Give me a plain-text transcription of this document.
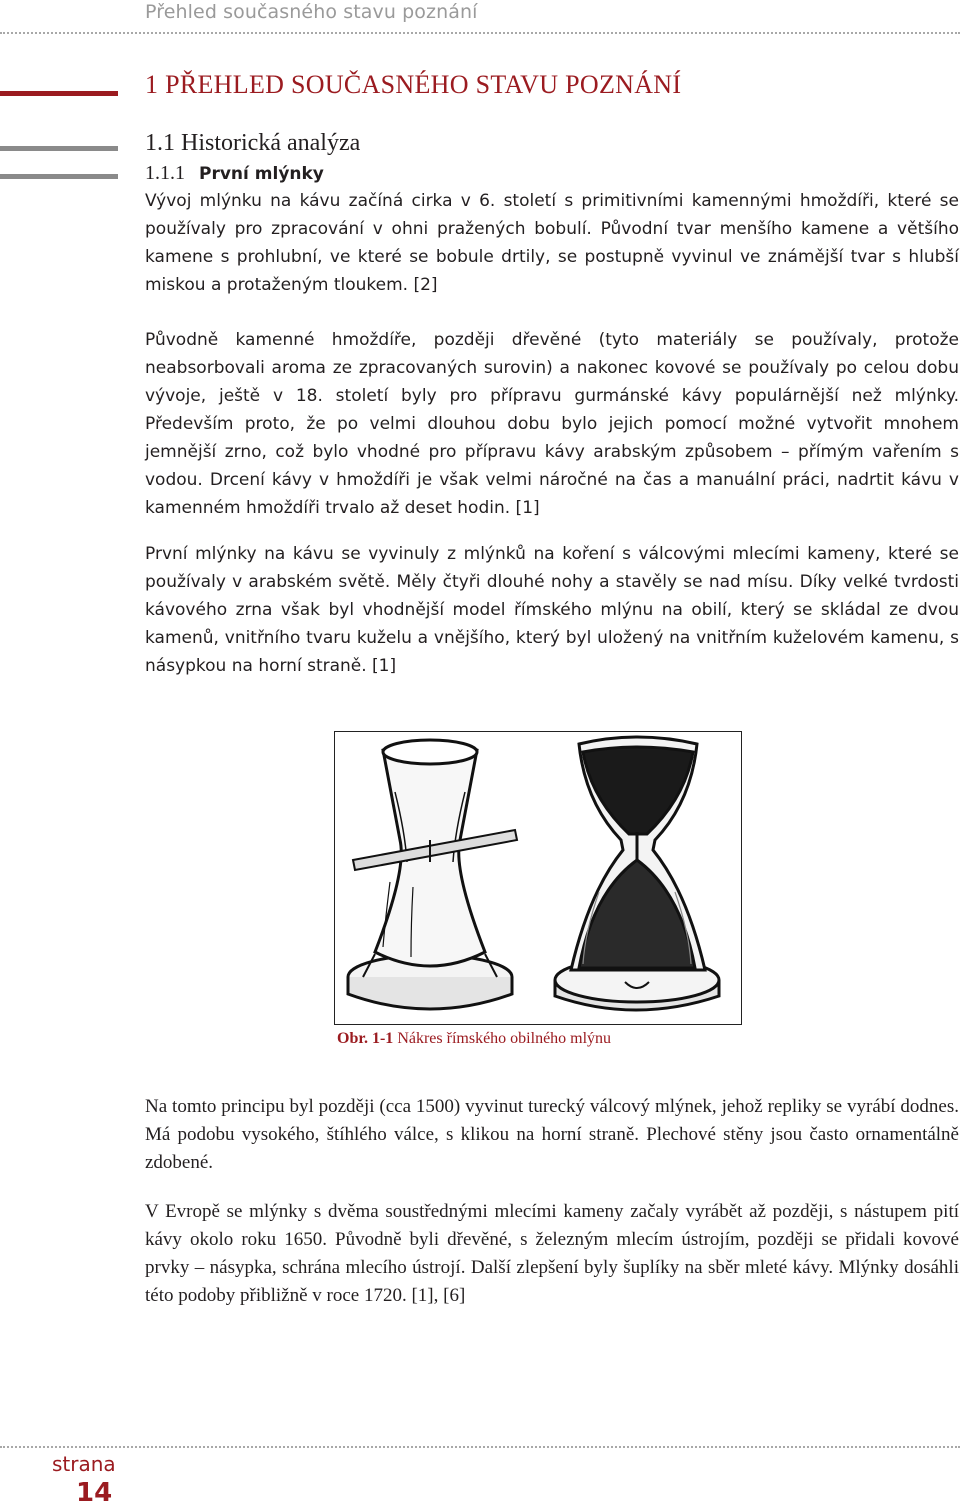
Přehled současného stavu poznání
1 PŘEHLED SOUČASNÉHO STAVU POZNÁNÍ
1.1 Historická analýza
1.1.1 První mlýnky

Vývoj mlýnku na kávu začíná cirka v 6. století s primitivními kamennými hmoždíři, které se používaly pro zpracování v ohni pražených bobulí. Původní tvar menšího kamene a většího kamene s prohlubní, ve které se bobule drtily, se postupně vyvinul ve známější tvar s hlubší miskou a protaženým tloukem. [2]

Původně kamenné hmoždíře, později dřevěné (tyto materiály se používaly, protože neabsorbovali aroma ze zpracovaných surovin) a nakonec kovové se používaly po celou dobu vývoje, ještě v 18. století byly pro přípravu gurmánské kávy populárnější než mlýnky. Především proto, že po velmi dlouhou dobu bylo jejich pomocí možné vytvořit mnohem jemnější zrno, což bylo vhodné pro přípravu kávy arabským způsobem – přímým vařením s vodou. Drcení kávy v hmoždíři je však velmi náročné na čas a manuální práci, nadrtit kávu v kamenném hmoždíři trvalo až deset hodin. [1]

První mlýnky na kávu se vyvinuly z mlýnků na koření s válcovými mlecími kameny, které se používaly v arabském světě. Měly čtyři dlouhé nohy a stavěly se nad mísu. Díky velké tvrdosti kávového zrna však byl vhodnější model římského mlýnu na obilí, který se skládal ze dvou kamenů, vnitřního tvaru kuželu a vnějšího, který byl uložený na vnitřním kuželovém kamenu, s násypkou na horní straně. [1]

Obr. 1-1 Nákres římského obilného mlýnu

Na tomto principu byl později (cca 1500) vyvinut turecký válcový mlýnek, jehož repliky se vyrábí dodnes. Má podobu vysokého, štíhlého válce, s klikou na horní straně. Plechové stěny jsou často ornamentálně zdobené.

V Evropě se mlýnky s dvěma soustřednými mlecími kameny začaly vyrábět až později, s nástupem pití kávy okolo roku 1650. Původně byli dřevěné, s železným mlecím ústrojím, později se přidali kovové prvky – násypka, schrána mlecího ústrojí. Další zlepšení byly šuplíky na sběr mleté kávy. Mlýnky dosáhli této podoby přibližně v roce 1720. [1], [6]

strana
14
